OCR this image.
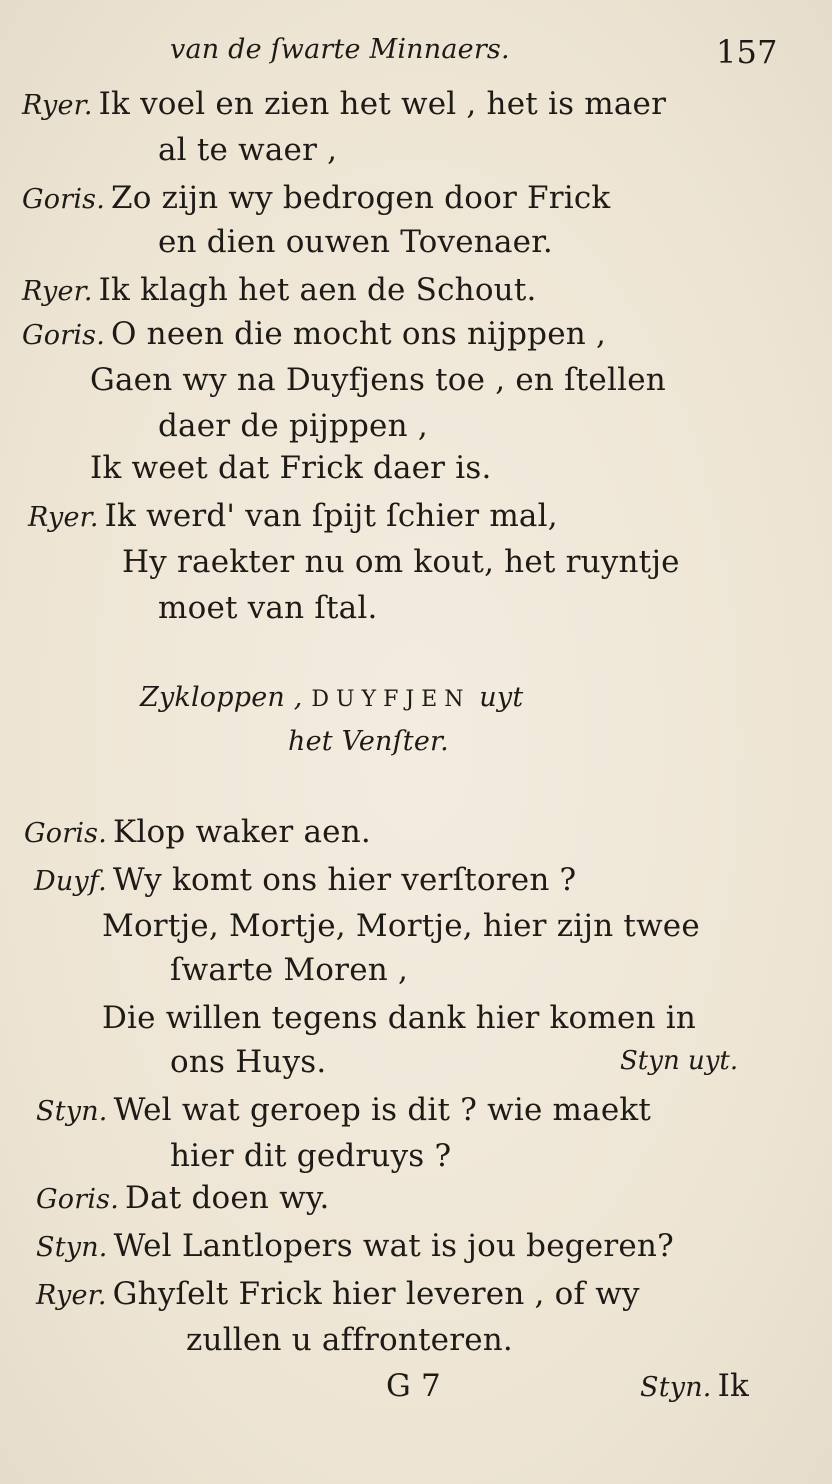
van de ſwarte Minnaers.	157
Ryer. Ik voel en zien het wel , het is maer
al te waer ,
Goris. Zo zijn wy bedrogen door Frick
en dien ouwen Tovenaer.
Ryer. Ik klagh het aen de Schout.
Goris. O neen die mocht ons nijppen ,
Gaen wy na Duyfjens toe , en ſtellen
daer de pijppen ,
Ik weet dat Frick daer is.
Ryer. Ik werd' van ſpijt ſchier mal,
Hy raekter nu om kout, het ruyntje
moet van ſtal.
Zykloppen , DUYFJEN uyt
het Venſter.
Goris. Klop waker aen.
Duyf. Wy komt ons hier verſtoren ?
Mortje, Mortje, Mortje, hier zijn twee
ſwarte Moren ,
Die willen tegens dank hier komen in
ons Huys.	Styn uyt.
Styn. Wel wat geroep is dit ? wie maekt
hier dit gedruys ?
Goris. Dat doen wy.
Styn. Wel Lantlopers wat is jou begeren?
Ryer. Ghyſelt Frick hier leveren , of wy
zullen u affronteren.
G 7	Styn. Ik
